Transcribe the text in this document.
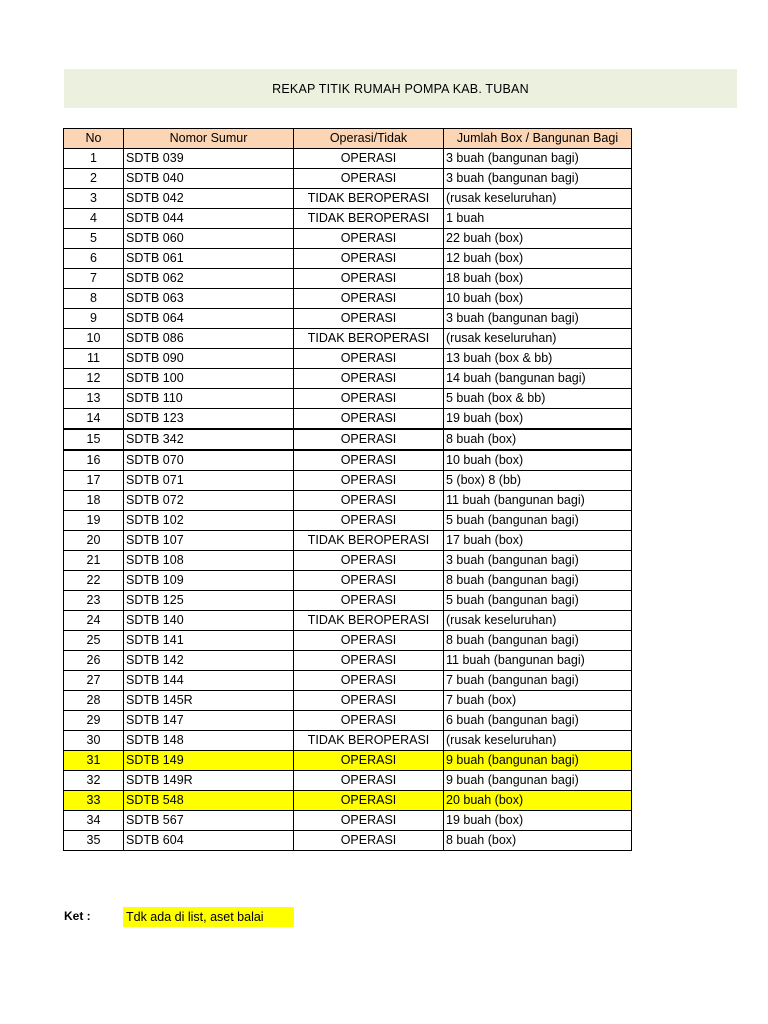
REKAP TITIK RUMAH POMPA KAB. TUBAN
No	Nomor Sumur	Operasi/Tidak	Jumlah Box / Bangunan Bagi
1	SDTB 039	OPERASI	3 buah (bangunan bagi)
2	SDTB 040	OPERASI	3 buah (bangunan bagi)
3	SDTB 042	TIDAK BEROPERASI	(rusak keseluruhan)
4	SDTB 044	TIDAK BEROPERASI	1 buah
5	SDTB 060	OPERASI	22 buah (box)
6	SDTB 061	OPERASI	12 buah (box)
7	SDTB 062	OPERASI	18 buah (box)
8	SDTB 063	OPERASI	10 buah (box)
9	SDTB 064	OPERASI	3 buah (bangunan bagi)
10	SDTB 086	TIDAK BEROPERASI	(rusak keseluruhan)
11	SDTB 090	OPERASI	13 buah (box & bb)
12	SDTB 100	OPERASI	14 buah (bangunan bagi)
13	SDTB 110	OPERASI	5 buah (box & bb)
14	SDTB 123	OPERASI	19 buah (box)
15	SDTB 342	OPERASI	8 buah (box)
16	SDTB 070	OPERASI	10 buah (box)
17	SDTB 071	OPERASI	5 (box) 8 (bb)
18	SDTB 072	OPERASI	11 buah (bangunan bagi)
19	SDTB 102	OPERASI	5 buah (bangunan bagi)
20	SDTB 107	TIDAK BEROPERASI	17 buah (box)
21	SDTB 108	OPERASI	3 buah (bangunan bagi)
22	SDTB 109	OPERASI	8 buah (bangunan bagi)
23	SDTB 125	OPERASI	5 buah (bangunan bagi)
24	SDTB 140	TIDAK BEROPERASI	(rusak keseluruhan)
25	SDTB 141	OPERASI	8 buah (bangunan bagi)
26	SDTB 142	OPERASI	11 buah (bangunan bagi)
27	SDTB 144	OPERASI	7 buah (bangunan bagi)
28	SDTB 145R	OPERASI	7 buah (box)
29	SDTB 147	OPERASI	6 buah (bangunan bagi)
30	SDTB 148	TIDAK BEROPERASI	(rusak keseluruhan)
31	SDTB 149	OPERASI	9 buah (bangunan bagi)
32	SDTB 149R	OPERASI	9 buah (bangunan bagi)
33	SDTB 548	OPERASI	20 buah (box)
34	SDTB 567	OPERASI	19 buah (box)
35	SDTB 604	OPERASI	8 buah (box)
Ket :	Tdk ada di list, aset balai
